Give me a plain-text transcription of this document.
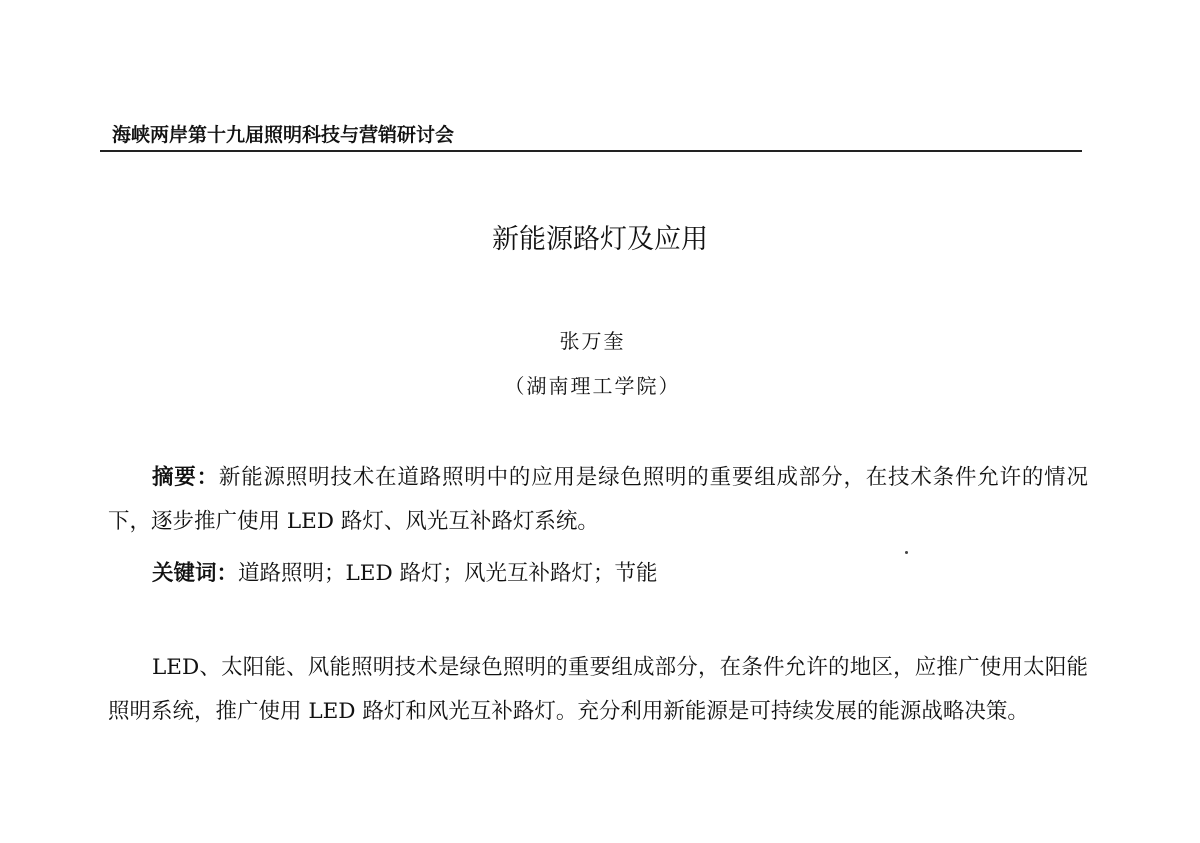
海峡两岸第十九届照明科技与营销研讨会
新能源路灯及应用
张万奎
（湖南理工学院）
摘要：新能源照明技术在道路照明中的应用是绿色照明的重要组成部分，在技术条件允许的情况下，逐步推广使用 LED 路灯、风光互补路灯系统。
关键词：道路照明；LED 路灯；风光互补路灯；节能
LED、太阳能、风能照明技术是绿色照明的重要组成部分，在条件允许的地区，应推广使用太阳能照明系统，推广使用 LED 路灯和风光互补路灯。充分利用新能源是可持续发展的能源战略决策。
